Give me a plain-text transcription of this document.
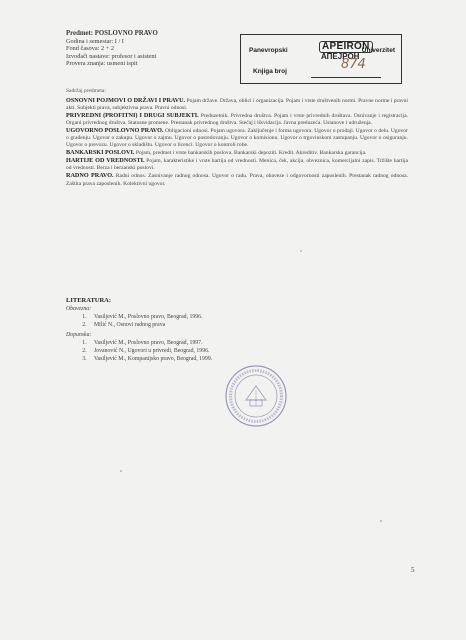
Predmet: POSLOVNO PRAVO
Godina i semestar: I / I
Fond časova: 2 + 2
Izvođači nastave: profesor i asistent
Provera znanja: usmeni ispit
Panevropski	APEIRON
АПЕЈРОН
Univerzitet
Knjiga broj	874
Sadržaj predmeta:

OSNOVNI POJMOVI O DRŽAVI I PRAVU. Pojam države. Država, oblici i organizacija. Pojam i vrste društvenih normi. Pravne norme i pravni akti. Subjekti prava, subjektivna prava. Pravni odnosi.

PRIVREDNI (PROFITNI) I DRUGI SUBJEKTI. Preduzetnik. Privredna društva. Pojam i vrste privrednih društava. Osnivanje i registracija. Organi privrednog društva. Statusne promene. Prestanak privrednog društva. Stečaj i likvidacija. Javna preduzeća. Ustanove i udruženja.

UGOVORNO POSLOVNO PRAVO. Obligacioni odnosi. Pojam ugovora. Zaključenje i forma ugovora. Ugovor o prodaji. Ugovor o delu. Ugovor o građenju. Ugovor o zakupu. Ugovor o zajmu. Ugovor o posredovanju. Ugovor o komisionu. Ugovor o trgovinskom zastupanju. Ugovor o osiguranju. Ugovor o prevozu. Ugovor o skladištu. Ugovor o licenci. Ugovor o kontroli robe.

BANKARSKI POSLOVI. Pojam, predmet i vrste bankarskih poslova. Bankarski depoziti. Kredit. Akreditiv. Bankarska garancija.

HARTIJE OD VREDNOSTI. Pojam, karakteristike i vrste hartija od vrednosti. Menica, ček, akcija, obveznica, komercijalni zapis. Tržište hartija od vrednosti. Berza i berzanski poslovi.

RADNO PRAVO. Radni odnos. Zasnivanje radnog odnosa. Ugovor o radu. Prava, obaveze i odgovornosti zaposlenih. Prestanak radnog odnosa. Zaštita prava zaposlenih. Kolektivni ugovor.

LITERATURA:
Obavezna:
1. Vasiljević M., Poslovno pravo, Beograd, 1996.
2. Milić N., Osnovi radnog prava
Dopunska:
1. Vasiljević M., Poslovno pravo, Beograd, 1997.
2. Jovanović N., Ugovori u privredi, Beograd, 1996.
3. Vasiljević M., Kompanijsko pravo, Beograd, 1999.
5
